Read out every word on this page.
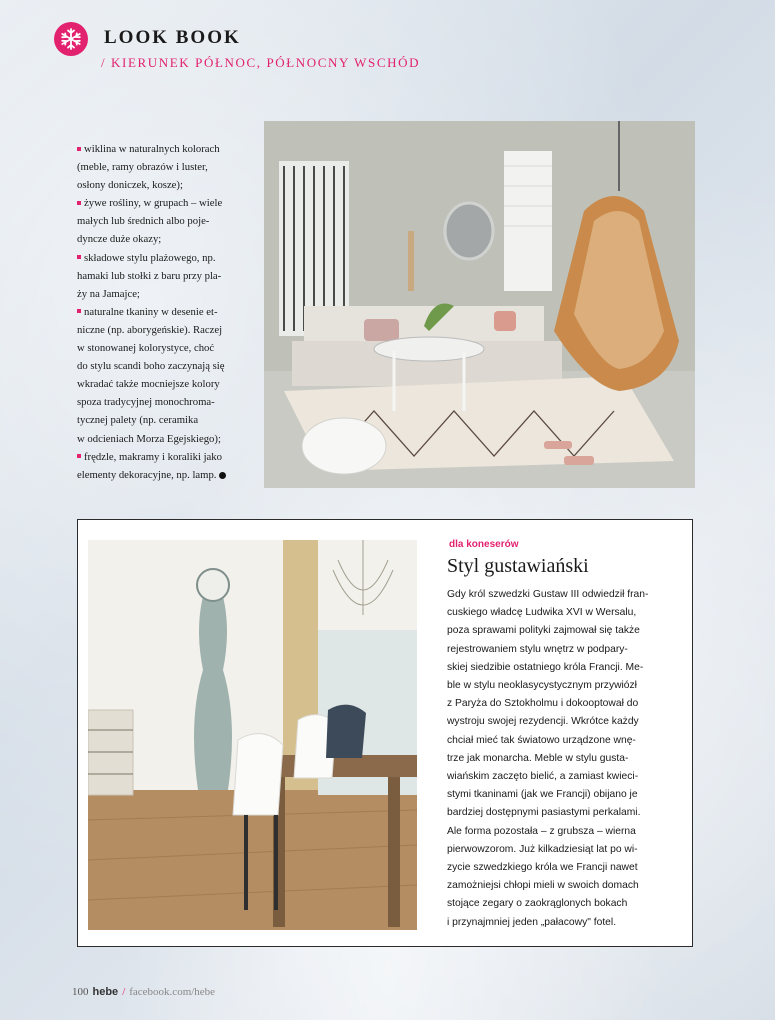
LOOK BOOK
/ KIERUNEK PÓŁNOC, PÓŁNOCNY WSCHÓD

wiklina w naturalnych kolorach
(meble, ramy obrazów i luster,
osłony doniczek, kosze);

żywe rośliny, w grupach – wiele
małych lub średnich albo poje-
dyncze duże okazy;

składowe stylu plażowego, np.
hamaki lub stołki z baru przy pla-
ży na Jamajce;

naturalne tkaniny w desenie et-
niczne (np. aborygeńskie). Raczej
w stonowanej kolorystyce, choć
do stylu scandi boho zaczynają się
wkradać także mocniejsze kolory
spoza tradycyjnej monochroma-
tycznej palety (np. ceramika
w odcieniach Morza Egejskiego);

frędzle, makramy i koraliki jako
elementy dekoracyjne, np. lamp.

dla koneserów
Styl gustawiański
Gdy król szwedzki Gustaw III odwiedził fran-
cuskiego władcę Ludwika XVI w Wersalu,
poza sprawami polityki zajmował się także
rejestrowaniem stylu wnętrz w podpary-
skiej siedzibie ostatniego króla Francji. Me-
ble w stylu neoklasycystycznym przywiózł
z Paryża do Sztokholmu i dokooptował do
wystroju swojej rezydencji. Wkrótce każdy
chciał mieć tak światowo urządzone wnę-
trze jak monarcha. Meble w stylu gusta-
wiańskim zaczęto bielić, a zamiast kwieci-
stymi tkaninami (jak we Francji) obijano je
bardziej dostępnymi pasiastymi perkalami.
Ale forma pozostała – z grubsza – wierna
pierwowzorom. Już kilkadziesiąt lat po wi-
zycie szwedzkiego króla we Francji nawet
zamożniejsi chłopi mieli w swoich domach
stojące zegary o zaokrąglonych bokach
i przynajmniej jeden „pałacowy" fotel.
100 hebe / facebook.com/hebe
